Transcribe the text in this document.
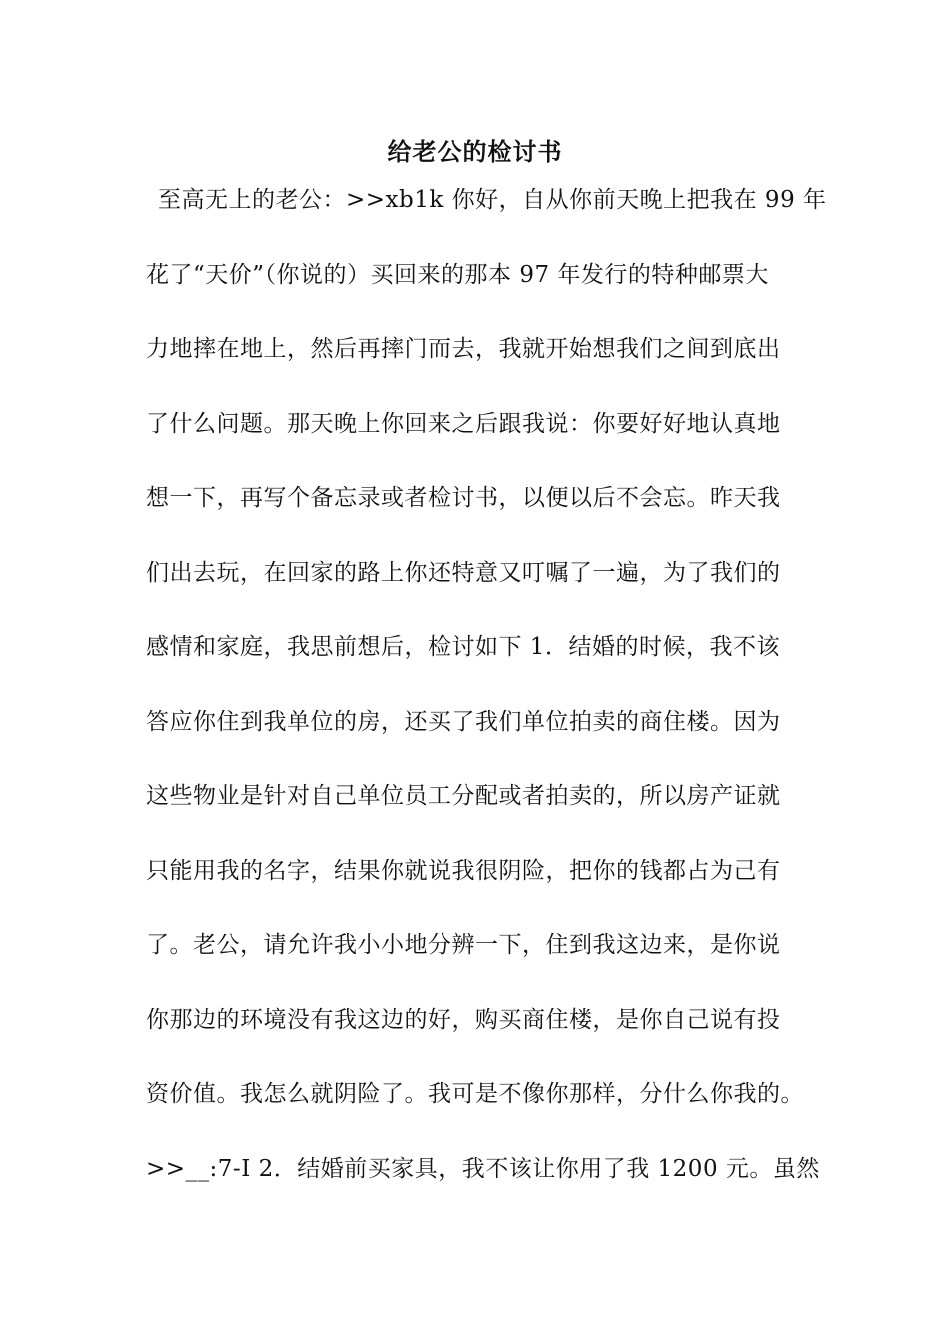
给老公的检讨书
至高无上的老公：>>xb1k 你好，自从你前天晚上把我在 99 年
花了“天价”（你说的）买回来的那本 97 年发行的特种邮票大
力地摔在地上，然后再摔门而去，我就开始想我们之间到底出
了什么问题。那天晚上你回来之后跟我说：你要好好地认真地
想一下，再写个备忘录或者检讨书，以便以后不会忘。昨天我
们出去玩，在回家的路上你还特意又叮嘱了一遍，为了我们的
感情和家庭，我思前想后，检讨如下 1．结婚的时候，我不该
答应你住到我单位的房，还买了我们单位拍卖的商住楼。因为
这些物业是针对自己单位员工分配或者拍卖的，所以房产证就
只能用我的名字，结果你就说我很阴险，把你的钱都占为己有
了。老公，请允许我小小地分辨一下，住到我这边来，是你说
你那边的环境没有我这边的好，购买商住楼，是你自己说有投
资价值。我怎么就阴险了。我可是不像你那样，分什么你我的。
>>__:7-I 2．结婚前买家具，我不该让你用了我 1200 元。虽然
